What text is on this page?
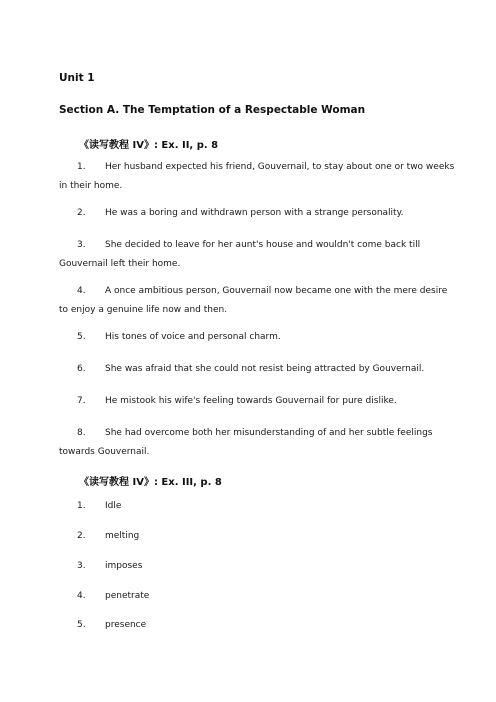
Unit 1
Section A. The Temptation of a Respectable Woman
《读写教程 IV》: Ex. II, p. 8
1. Her husband expected his friend, Gouvernail, to stay about one or two weeks
in their home.
2. He was a boring and withdrawn person with a strange personality.
3. She decided to leave for her aunt's house and wouldn't come back till
Gouvernail left their home.
4. A once ambitious person, Gouvernail now became one with the mere desire
to enjoy a genuine life now and then.
5. His tones of voice and personal charm.
6. She was afraid that she could not resist being attracted by Gouvernail.
7. He mistook his wife's feeling towards Gouvernail for pure dislike.
8. She had overcome both her misunderstanding of and her subtle feelings
towards Gouvernail.
《读写教程 IV》: Ex. III, p. 8
1. Idle
2. melting
3. imposes
4. penetrate
5. presence
